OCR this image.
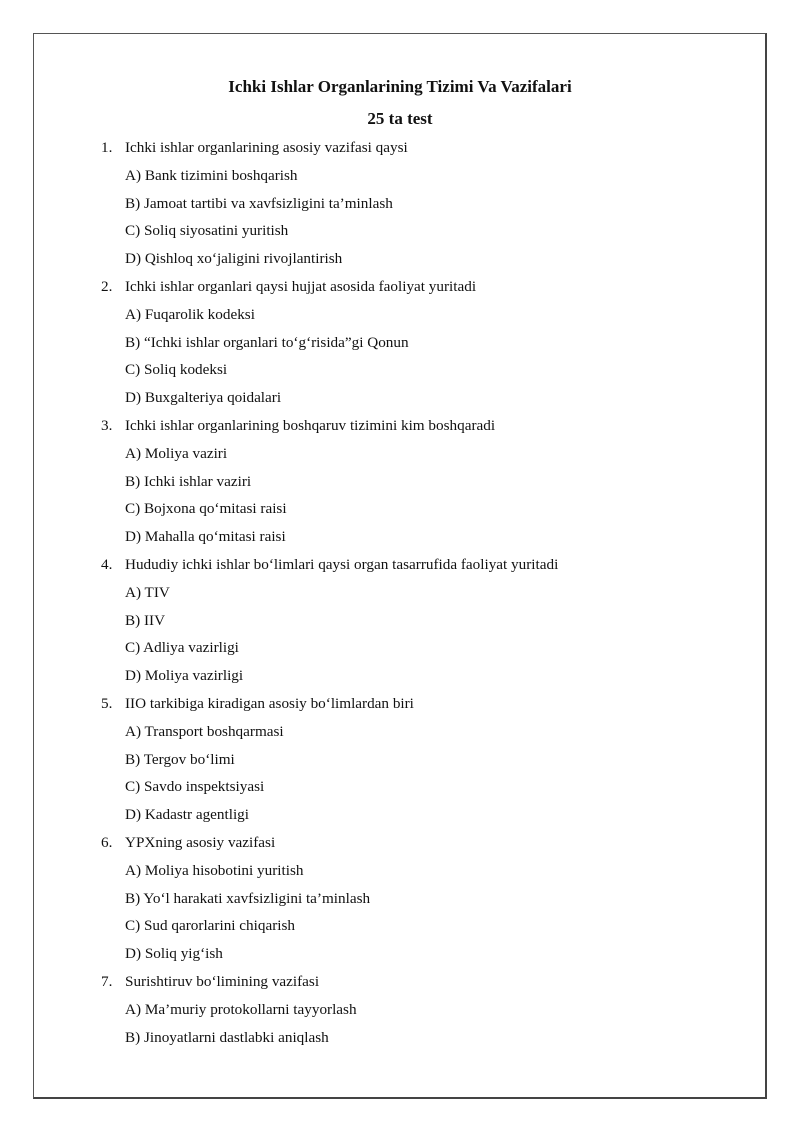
Ichki Ishlar Organlarining Tizimi Va Vazifalari
25 ta test
1. Ichki ishlar organlarining asosiy vazifasi qaysi
A) Bank tizimini boshqarish
B) Jamoat tartibi va xavfsizligini ta’minlash
C) Soliq siyosatini yuritish
D) Qishloq xo‘jaligini rivojlantirish
2. Ichki ishlar organlari qaysi hujjat asosida faoliyat yuritadi
A) Fuqarolik kodeksi
B) “Ichki ishlar organlari to‘g‘risida”gi Qonun
C) Soliq kodeksi
D) Buxgalteriya qoidalari
3. Ichki ishlar organlarining boshqaruv tizimini kim boshqaradi
A) Moliya vaziri
B) Ichki ishlar vaziri
C) Bojxona qo‘mitasi raisi
D) Mahalla qo‘mitasi raisi
4. Hududiy ichki ishlar bo‘limlari qaysi organ tasarrufida faoliyat yuritadi
A) TIV
B) IIV
C) Adliya vazirligi
D) Moliya vazirligi
5. IIO tarkibiga kiradigan asosiy bo‘limlardan biri
A) Transport boshqarmasi
B) Tergov bo‘limi
C) Savdo inspektsiyasi
D) Kadastr agentligi
6. YPXning asosiy vazifasi
A) Moliya hisobotini yuritish
B) Yo‘l harakati xavfsizligini ta’minlash
C) Sud qarorlarini chiqarish
D) Soliq yig‘ish
7. Surishtiruv bo‘limining vazifasi
A) Ma’muriy protokollarni tayyorlash
B) Jinoyatlarni dastlabki aniqlash
